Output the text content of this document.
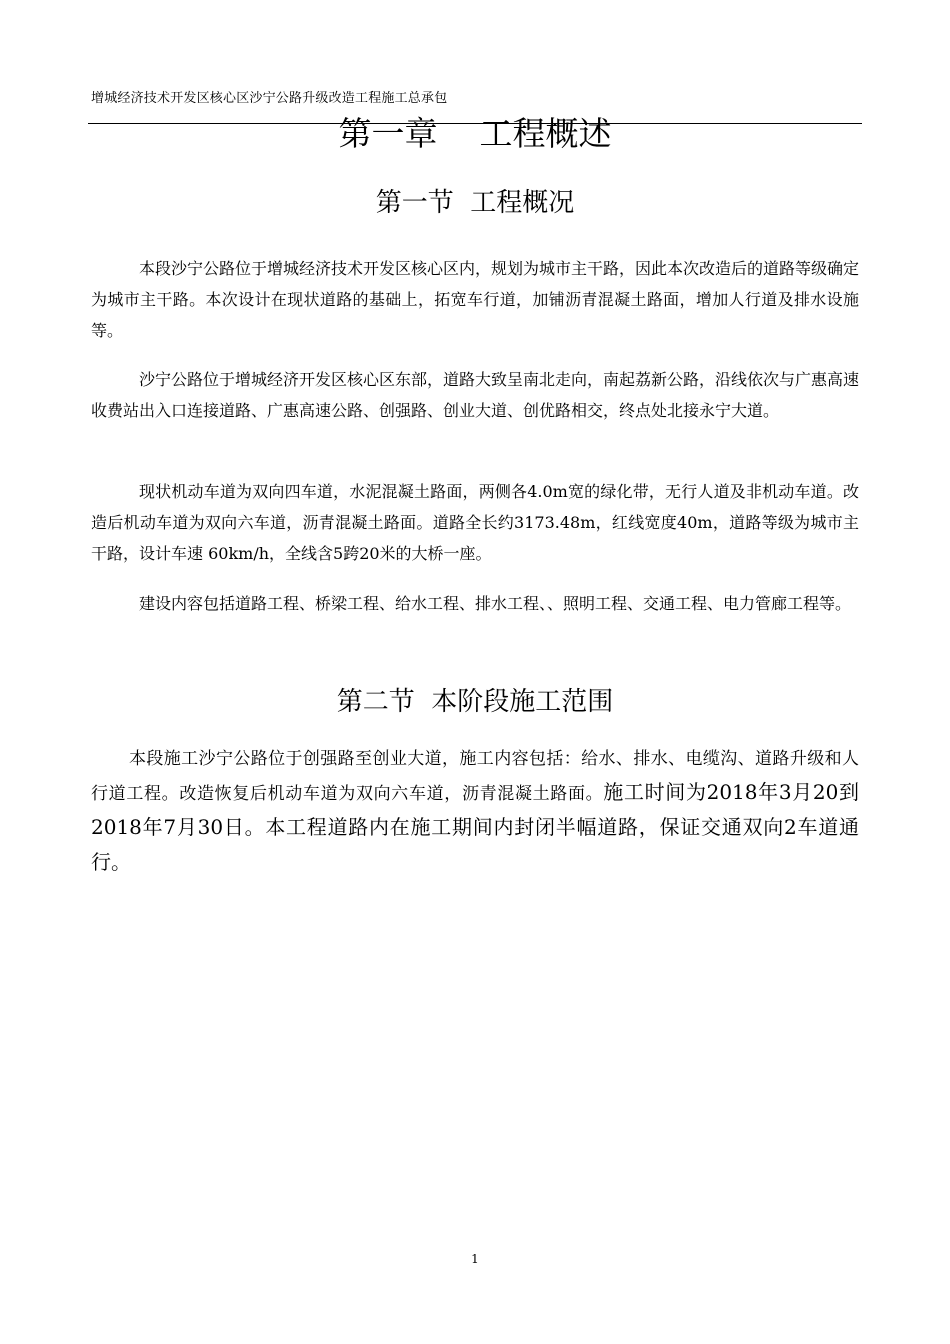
增城经济技术开发区核心区沙宁公路升级改造工程施工总承包
第一章    工程概述
第一节  工程概况

本段沙宁公路位于增城经济技术开发区核心区内，规划为城市主干路，因此本次改造后的道路等级确定为城市主干路。本次设计在现状道路的基础上，拓宽车行道，加铺沥青混凝土路面，增加人行道及排水设施等。

沙宁公路位于增城经济开发区核心区东部，道路大致呈南北走向，南起荔新公路，沿线依次与广惠高速收费站出入口连接道路、广惠高速公路、创强路、创业大道、创优路相交，终点处北接永宁大道。

现状机动车道为双向四车道，水泥混凝土路面，两侧各4.0m宽的绿化带，无行人道及非机动车道。改造后机动车道为双向六车道，沥青混凝土路面。道路全长约3173.48m，红线宽度40m，道路等级为城市主干路，设计车速 60km/h，全线含5跨20米的大桥一座。

建设内容包括道路工程、桥梁工程、给水工程、排水工程、、照明工程、交通工程、电力管廊工程等。

第二节  本阶段施工范围

本段施工沙宁公路位于创强路至创业大道，施工内容包括：给水、排水、电缆沟、道路升级和人行道工程。改造恢复后机动车道为双向六车道，沥青混凝土路面。施工时间为2018年3月20到2018年7月30日。本工程道路内在施工期间内封闭半幅道路，保证交通双向2车道通行。

1
